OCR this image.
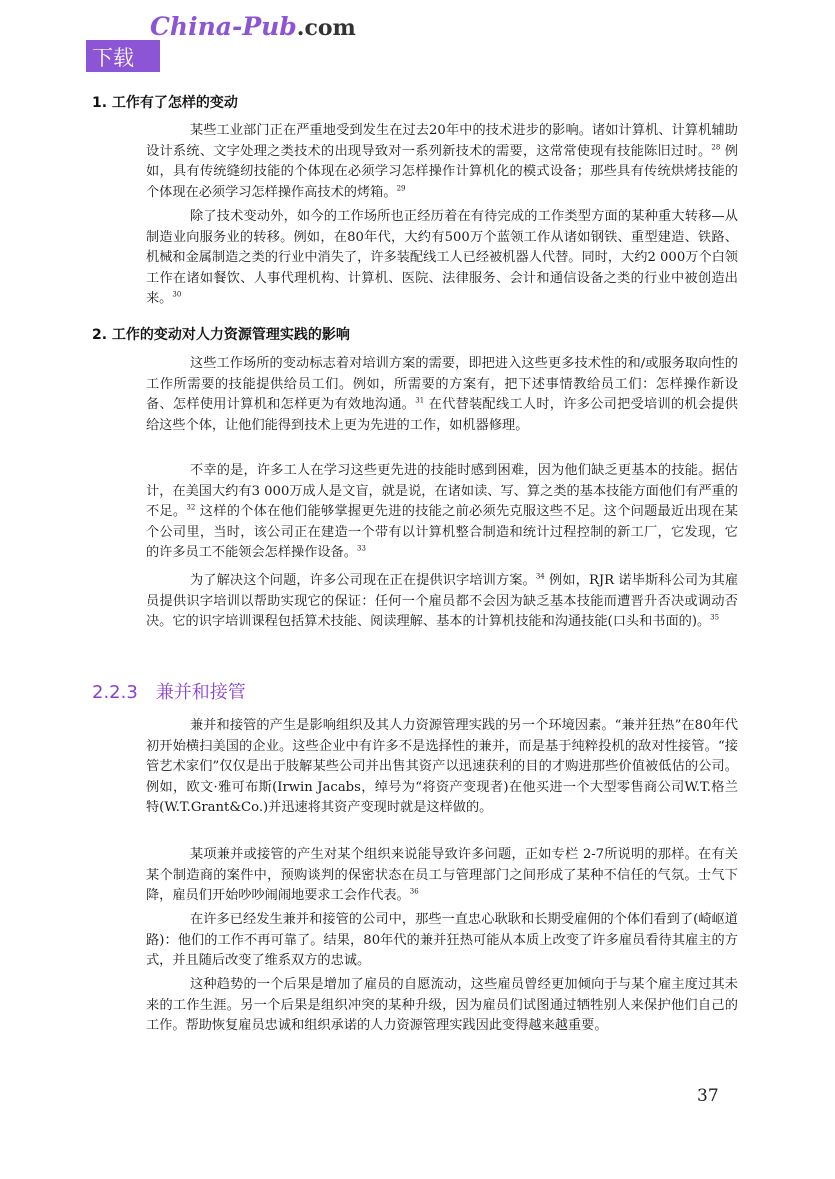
下载
China-Pub.com
1. 工作有了怎样的变动

某些工业部门正在严重地受到发生在过去20年中的技术进步的影响。诸如计算机、计算机辅助设计系统、文字处理之类技术的出现导致对一系列新技术的需要，这常常使现有技能陈旧过时。$^{28}$ 例如，具有传统缝纫技能的个体现在必须学习怎样操作计算机化的模式设备；那些具有传统烘烤技能的个体现在必须学习怎样操作高技术的烤箱。$^{29}$

除了技术变动外，如今的工作场所也正经历着在有待完成的工作类型方面的某种重大转移—从制造业向服务业的转移。例如，在80年代，大约有500万个蓝领工作从诸如钢铁、重型建造、铁路、机械和金属制造之类的行业中消失了，许多装配线工人已经被机器人代替。同时，大约2 000万个白领工作在诸如餐饮、人事代理机构、计算机、医院、法律服务、会计和通信设备之类的行业中被创造出来。$^{30}$

2. 工作的变动对人力资源管理实践的影响

这些工作场所的变动标志着对培训方案的需要，即把进入这些更多技术性的和/或服务取向性的工作所需要的技能提供给员工们。例如，所需要的方案有，把下述事情教给员工们：怎样操作新设备、怎样使用计算机和怎样更为有效地沟通。$^{31}$ 在代替装配线工人时，许多公司把受培训的机会提供给这些个体，让他们能得到技术上更为先进的工作，如机器修理。

不幸的是，许多工人在学习这些更先进的技能时感到困难，因为他们缺乏更基本的技能。据估计，在美国大约有3 000万成人是文盲，就是说，在诸如读、写、算之类的基本技能方面他们有严重的不足。$^{32}$ 这样的个体在他们能够掌握更先进的技能之前必须先克服这些不足。这个问题最近出现在某个公司里，当时，该公司正在建造一个带有以计算机整合制造和统计过程控制的新工厂，它发现，它的许多员工不能领会怎样操作设备。$^{33}$

为了解决这个问题，许多公司现在正在提供识字培训方案。$^{34}$ 例如，RJR 诺毕斯科公司为其雇员提供识字培训以帮助实现它的保证：任何一个雇员都不会因为缺乏基本技能而遭晋升否决或调动否决。它的识字培训课程包括算术技能、阅读理解、基本的计算机技能和沟通技能(口头和书面的)。$^{35}$

2.2.3 兼并和接管

兼并和接管的产生是影响组织及其人力资源管理实践的另一个环境因素。“兼并狂热”在80年代初开始横扫美国的企业。这些企业中有许多不是选择性的兼并，而是基于纯粹投机的敌对性接管。“接管艺术家们”仅仅是出于肢解某些公司并出售其资产以迅速获利的目的才购进那些价值被低估的公司。例如，欧文·雅可布斯(Irwin Jacabs，绰号为“将资产变现者)在他买进一个大型零售商公司W.T.格兰特(W.T.Grant&Co.)并迅速将其资产变现时就是这样做的。

某项兼并或接管的产生对某个组织来说能导致许多问题，正如专栏 2-7所说明的那样。在有关某个制造商的案件中，预购谈判的保密状态在员工与管理部门之间形成了某种不信任的气氛。士气下降，雇员们开始吵吵闹闹地要求工会作代表。$^{36}$

在许多已经发生兼并和接管的公司中，那些一直忠心耿耿和长期受雇佣的个体们看到了(崎岖道路)：他们的工作不再可靠了。结果，80年代的兼并狂热可能从本质上改变了许多雇员看待其雇主的方式，并且随后改变了维系双方的忠诚。

这种趋势的一个后果是增加了雇员的自愿流动，这些雇员曾经更加倾向于与某个雇主度过其未来的工作生涯。另一个后果是组织冲突的某种升级，因为雇员们试图通过牺牲别人来保护他们自己的工作。帮助恢复雇员忠诚和组织承诺的人力资源管理实践因此变得越来越重要。

37
